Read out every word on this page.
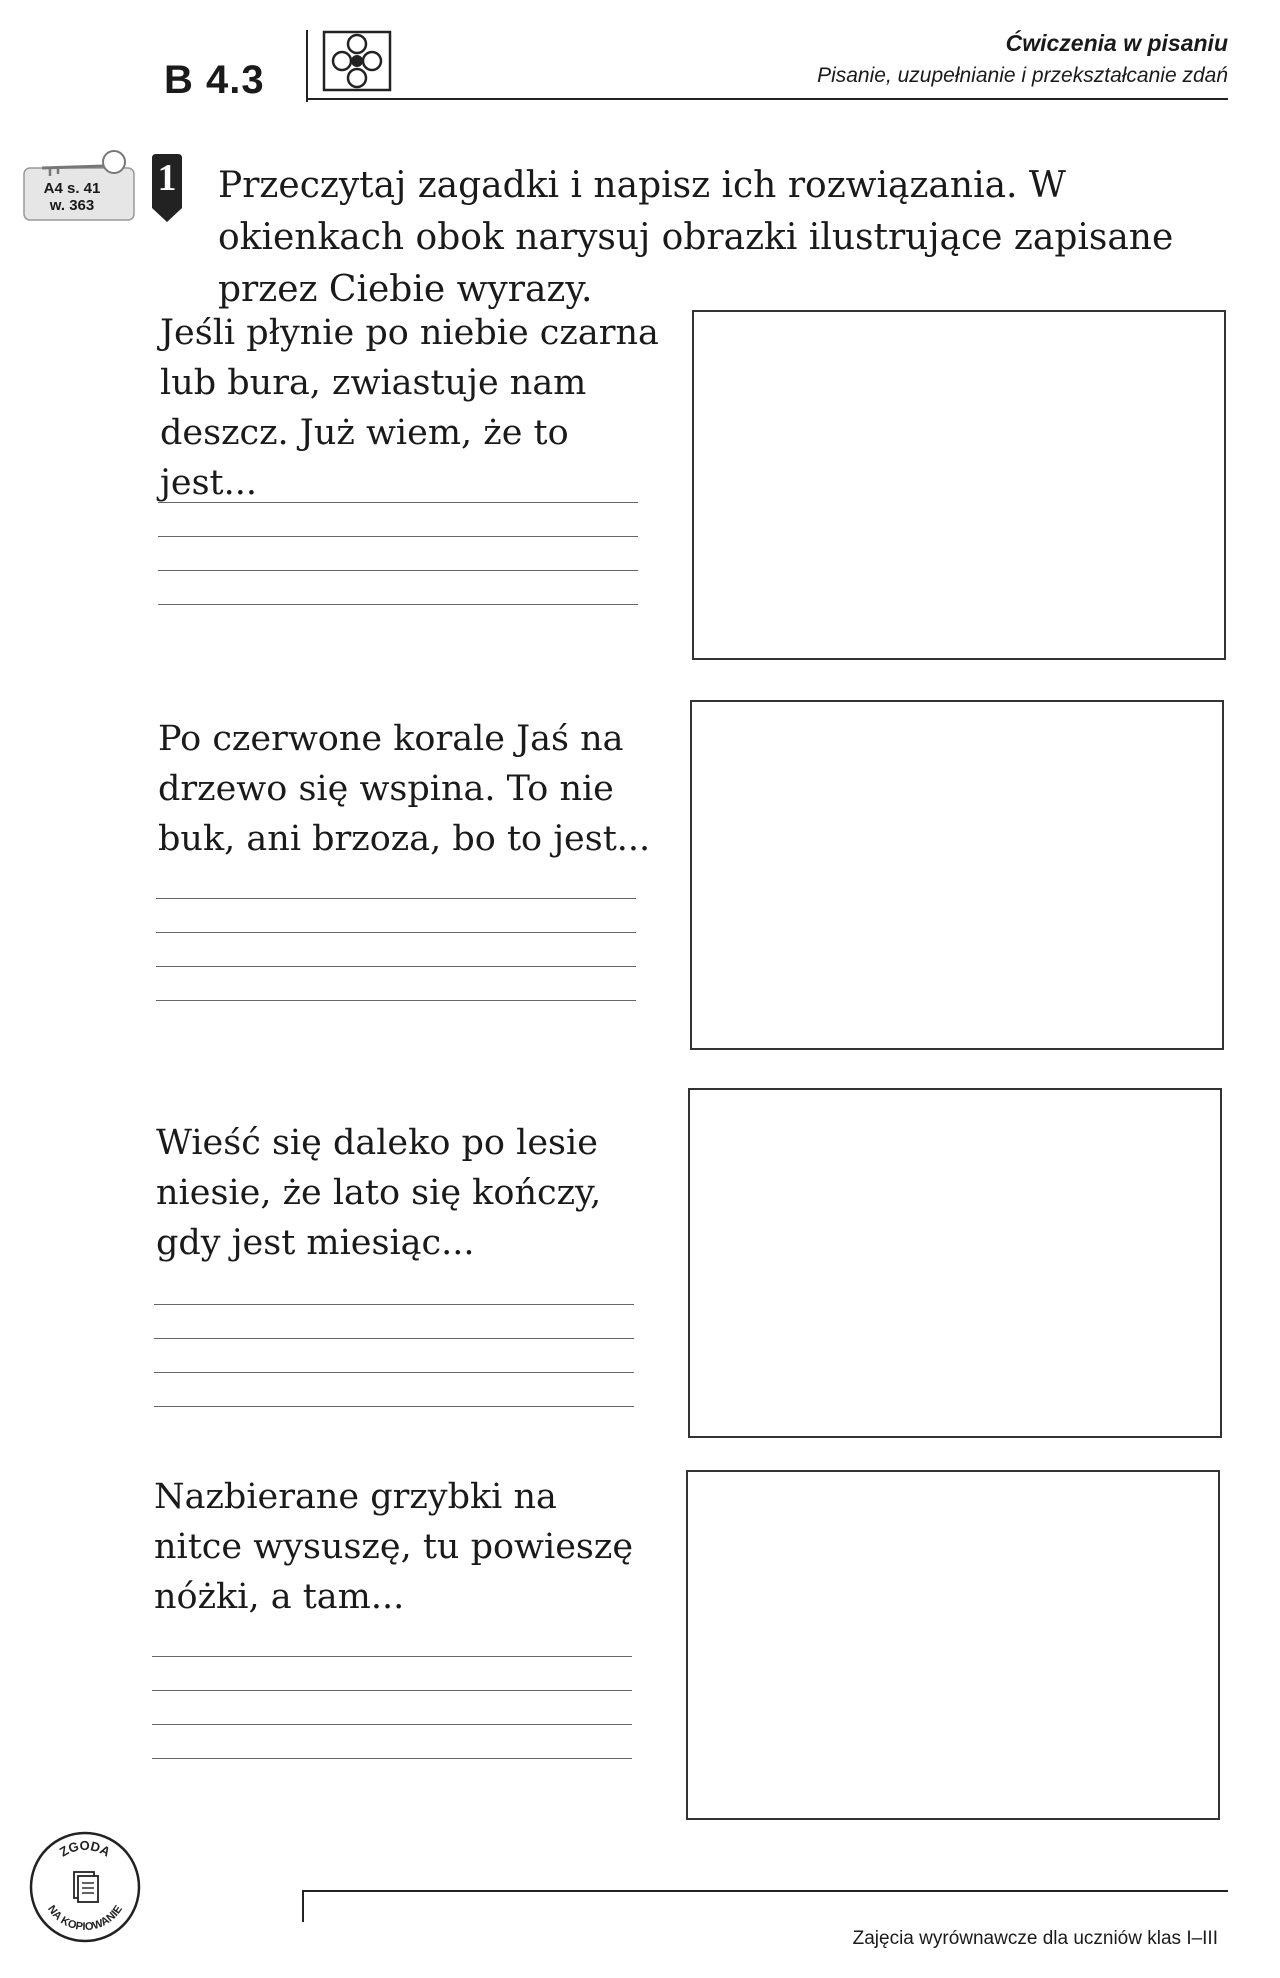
B 4.3
Ćwiczenia w pisaniu
Pisanie, uzupełnianie i przekształcanie zdań
A4 s. 41
w. 363
1 Przeczytaj zagadki i napisz ich rozwiązania. W okienkach obok narysuj obrazki ilustrujące zapisane przez Ciebie wyrazy.
Jeśli płynie po niebie czarna lub bura, zwiastuje nam deszcz. Już wiem, że to jest...
Po czerwone korale Jaś na drzewo się wspina. To nie buk, ani brzoza, bo to jest...
Wieść się daleko po lesie niesie, że lato się kończy, gdy jest miesiąc...
Nazbierane grzybki na nitce wysuszę, tu powieszę nóżki, a tam...
ZGODA
NA KOPIOWANIE
Zajęcia wyrównawcze dla uczniów klas I–III
